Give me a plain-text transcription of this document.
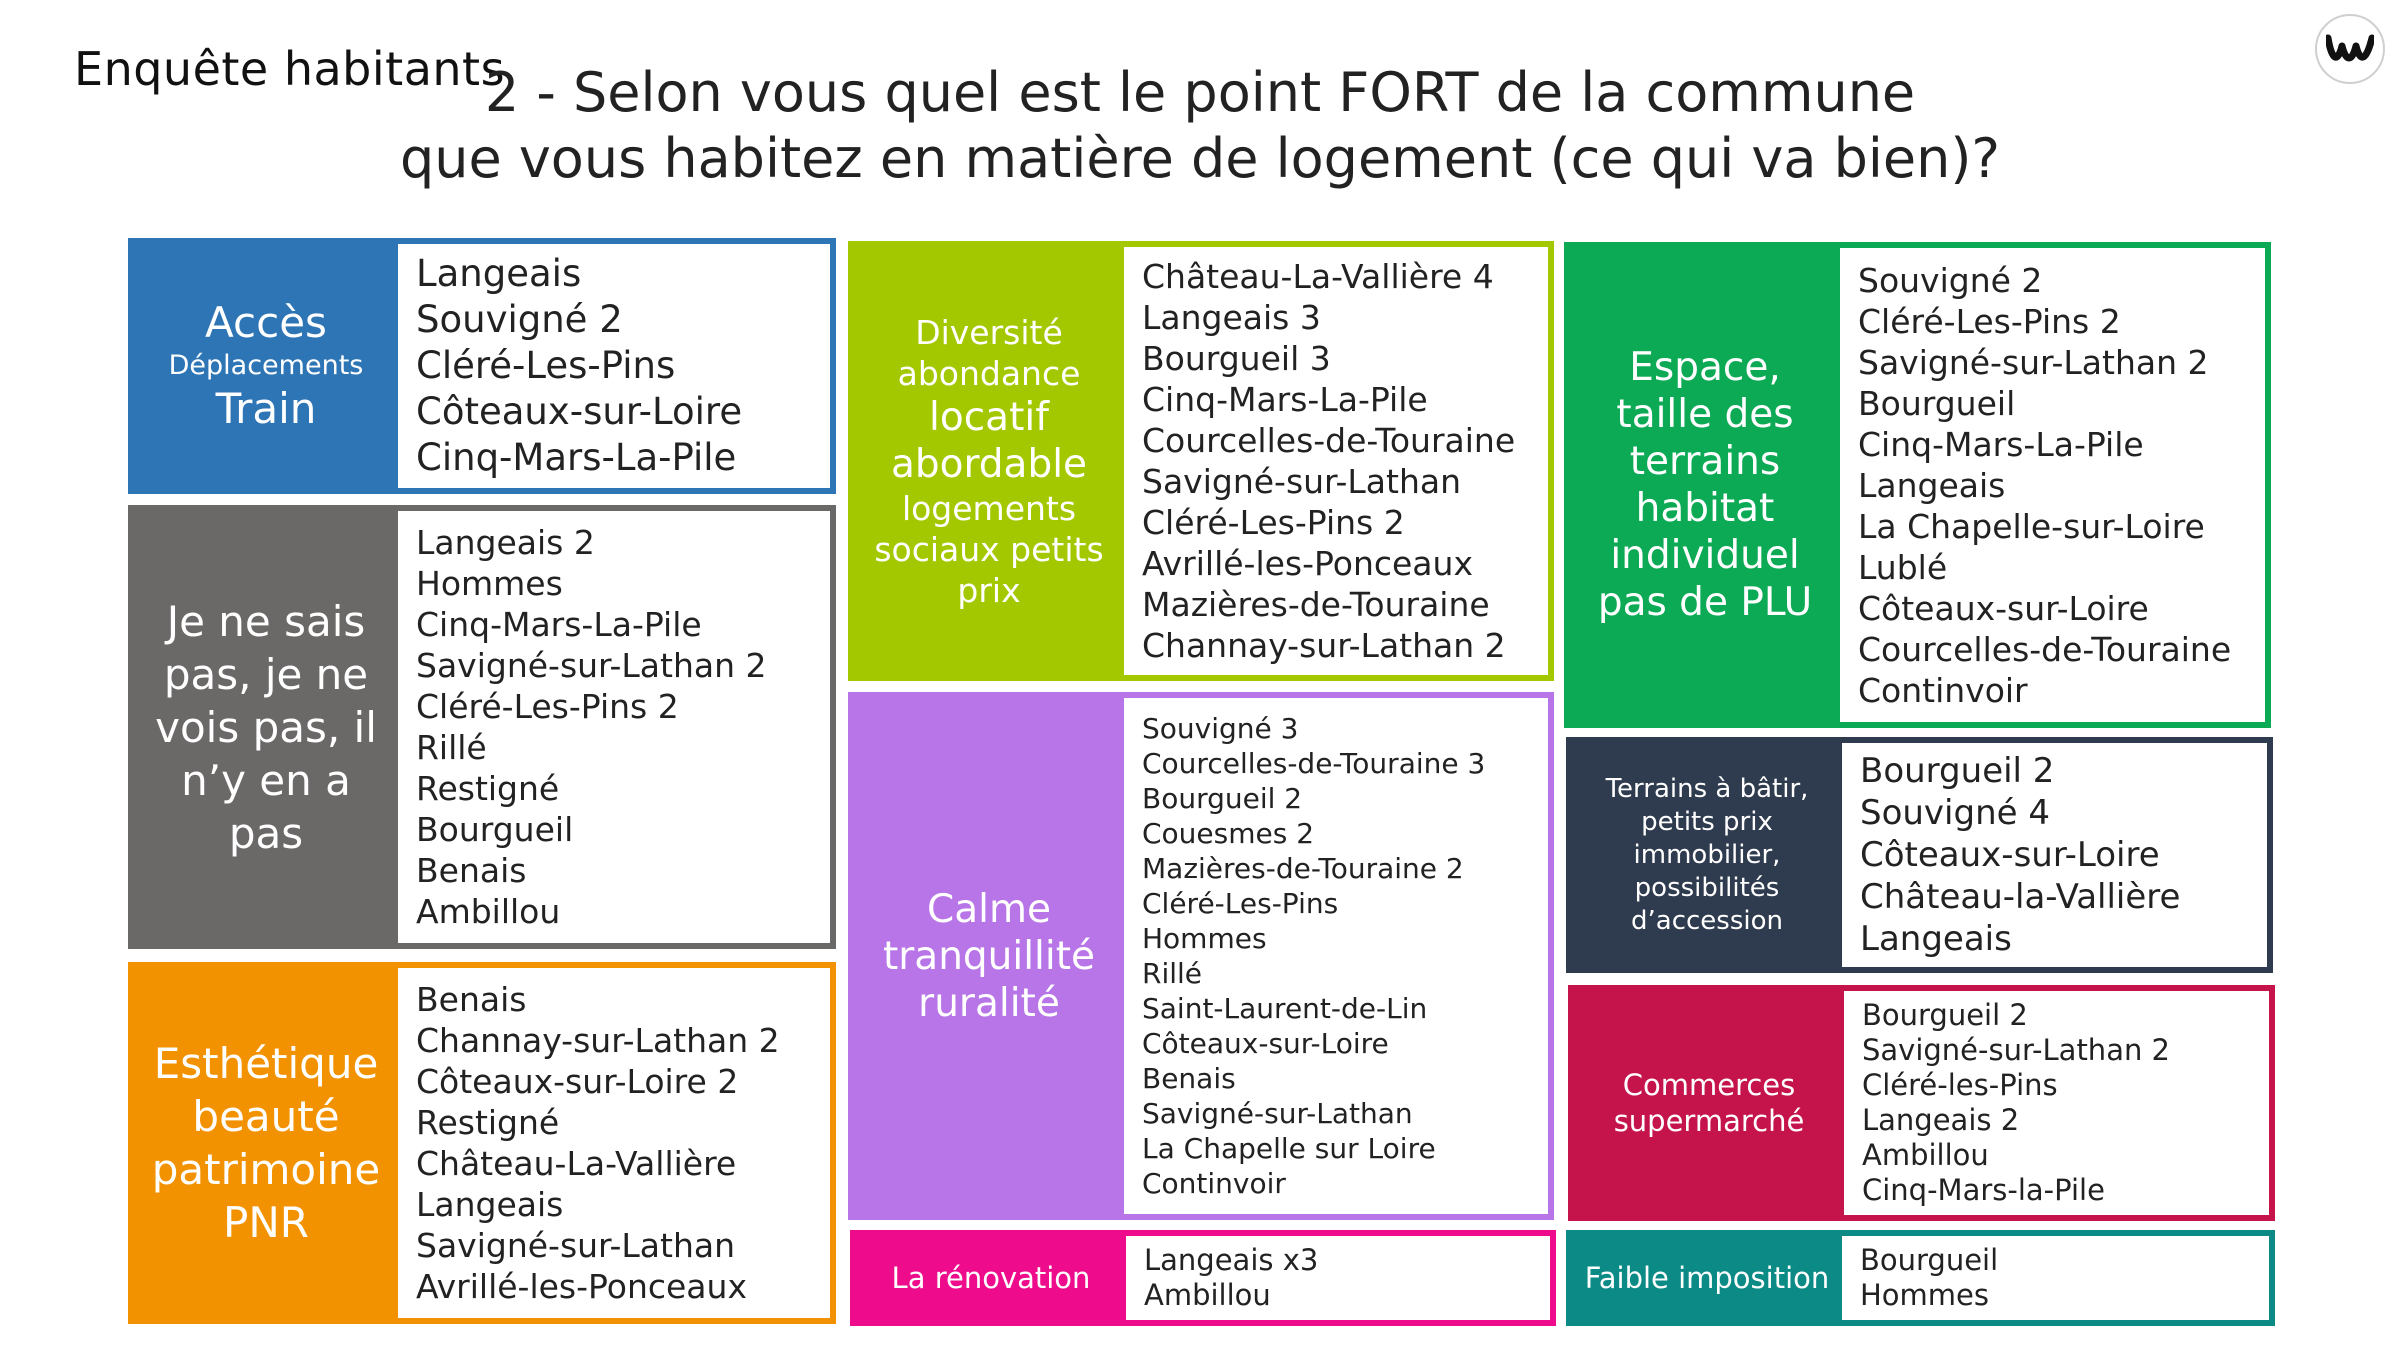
Enquête habitants
2 - Selon vous quel est le point FORT de la commune
que vous habitez en matière de logement (ce qui va bien)?
Accès
Déplacements
Train
Langeais
Souvigné 2
Cléré-Les-Pins
Côteaux-sur-Loire
Cinq-Mars-La-Pile
Je ne sais pas, je ne vois pas, il n’y en a pas
Langeais 2
Hommes
Cinq-Mars-La-Pile
Savigné-sur-Lathan 2
Cléré-Les-Pins 2
Rillé
Restigné
Bourgueil
Benais
Ambillou
Esthétique beauté patrimoine PNR
Benais
Channay-sur-Lathan 2
Côteaux-sur-Loire 2
Restigné
Château-La-Vallière
Langeais
Savigné-sur-Lathan
Avrillé-les-Ponceaux
Diversité
abondance
locatif
abordable
logements
sociaux petits
prix
Château-La-Vallière 4
Langeais 3
Bourgueil 3
Cinq-Mars-La-Pile
Courcelles-de-Touraine
Savigné-sur-Lathan
Cléré-Les-Pins 2
Avrillé-les-Ponceaux
Mazières-de-Touraine
Channay-sur-Lathan 2
Calme tranquillité ruralité
Souvigné 3
Courcelles-de-Touraine 3
Bourgueil 2
Couesmes 2
Mazières-de-Touraine 2
Cléré-Les-Pins
Hommes
Rillé
Saint-Laurent-de-Lin
Côteaux-sur-Loire
Benais
Savigné-sur-Lathan
La Chapelle sur Loire
Continvoir
La rénovation
Langeais x3
Ambillou
Espace, taille des terrains habitat individuel pas de PLU
Souvigné 2
Cléré-Les-Pins 2
Savigné-sur-Lathan 2
Bourgueil
Cinq-Mars-La-Pile
Langeais
La Chapelle-sur-Loire
Lublé
Côteaux-sur-Loire
Courcelles-de-Touraine
Continvoir
Terrains à bâtir, petits prix immobilier, possibilités d’accession
Bourgueil 2
Souvigné 4
Côteaux-sur-Loire
Château-la-Vallière
Langeais
Commerces supermarché
Bourgueil 2
Savigné-sur-Lathan 2
Cléré-les-Pins
Langeais 2
Ambillou
Cinq-Mars-la-Pile
Faible imposition
Bourgueil
Hommes
